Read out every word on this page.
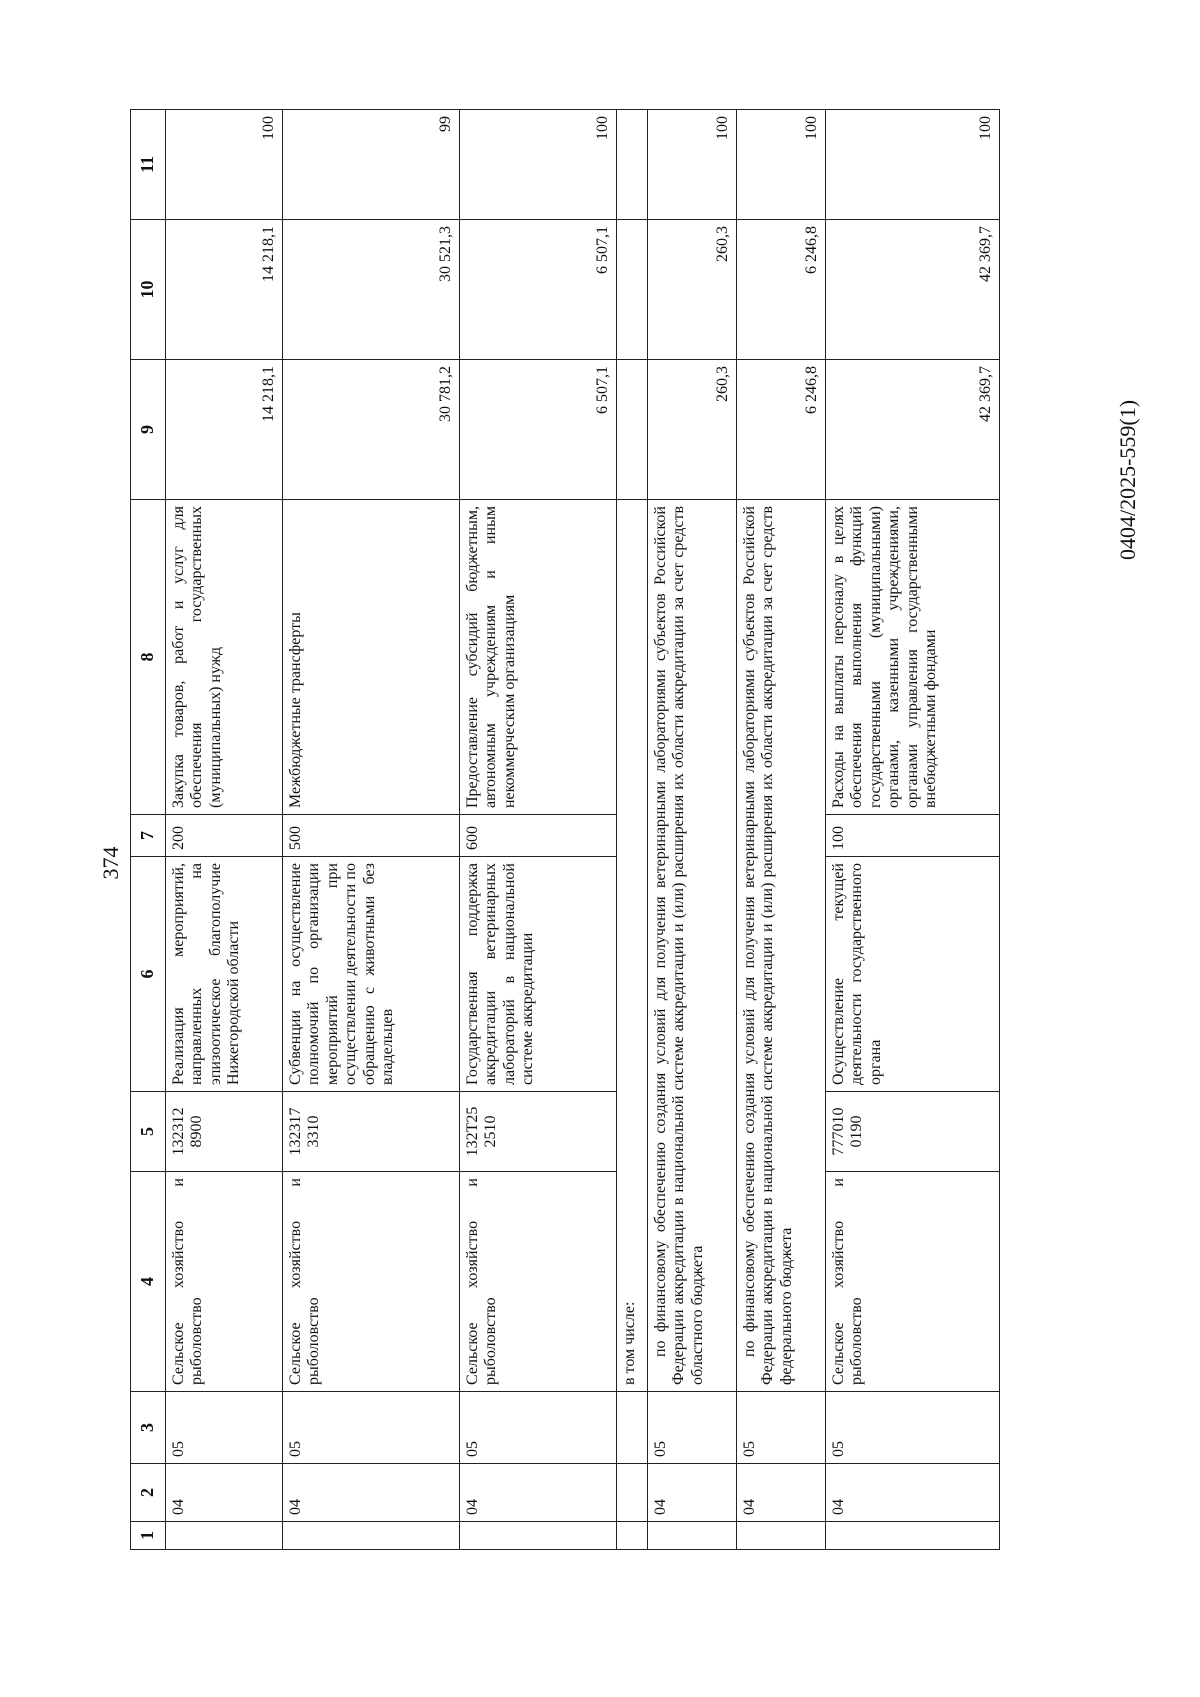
374
0404/2025-559(1)
1	2	3	4	5	6	7	8	9	10	11
	04	05	Сельское хозяйство и рыболовство	132312 8900	Реализация мероприятий, направленных на эпизоотическое благополучие Нижегородской области	200	Закупка товаров, работ и услуг для обеспечения государственных (муниципальных) нужд	14 218,1	14 218,1	100
	04	05	Сельское хозяйство и рыболовство	132317 3310	Субвенции на осуществление полномочий по организации мероприятий при осуществлении деятельности по обращению с животными без владельцев	500	Межбюджетные трансферты	30 781,2	30 521,3	99
	04	05	Сельское хозяйство и рыболовство	132Т25 2510	Государственная поддержка аккредитации ветеринарных лабораторий в национальной системе аккредитации	600	Предоставление субсидий бюджетным, автономным учреждениям и иным некоммерческим организациям	6 507,1	6 507,1	100
			в том числе:							
	04	05	по финансовому обеспечению создания условий для получения ветеринарными лабораториями субъектов Российской Федерации аккредитации в национальной системе аккредитации и (или) расширения их области аккредитации за счет средств областного бюджета					260,3	260,3	100
	04	05	по финансовому обеспечению создания условий для получения ветеринарными лабораториями субъектов Российской Федерации аккредитации в национальной системе аккредитации и (или) расширения их области аккредитации за счет средств федерального бюджета					6 246,8	6 246,8	100
	04	05	Сельское хозяйство и рыболовство	777010 0190	Осуществление текущей деятельности государственного органа	100	Расходы на выплаты персоналу в целях обеспечения выполнения функций государственными (муниципальными) органами, казенными учреждениями, органами управления государственными внебюджетными фондами	42 369,7	42 369,7	100
